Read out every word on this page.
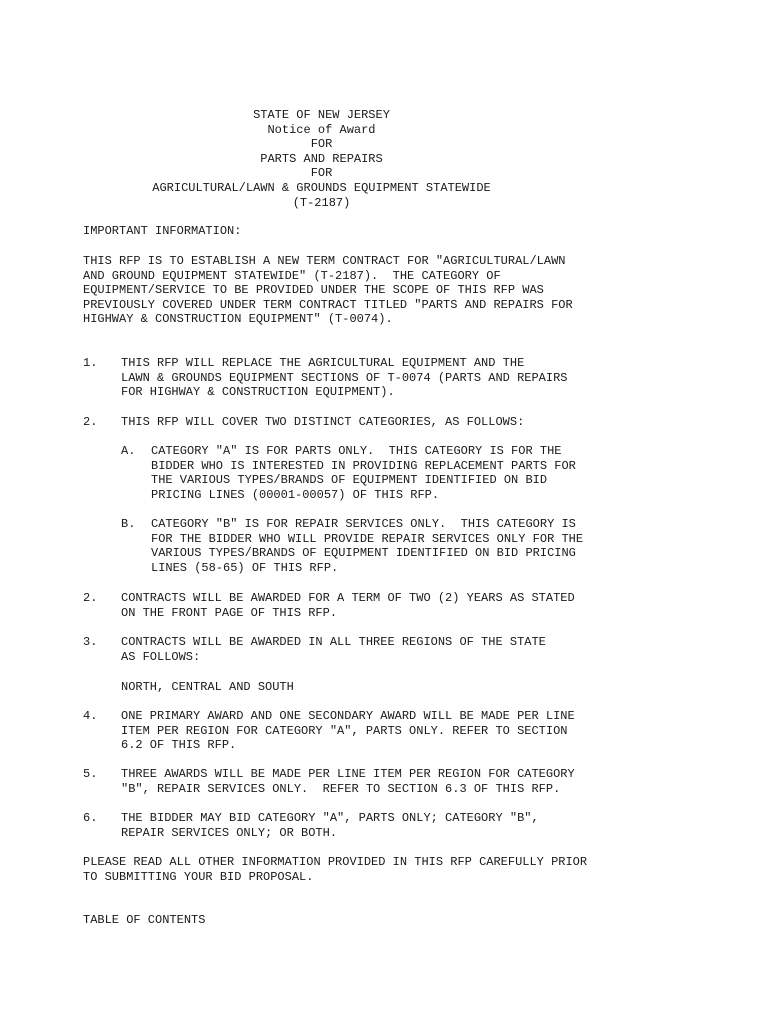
STATE OF NEW JERSEY
Notice of Award
FOR
PARTS AND REPAIRS
FOR
AGRICULTURAL/LAWN & GROUNDS EQUIPMENT STATEWIDE
(T-2187)
IMPORTANT INFORMATION:
THIS RFP IS TO ESTABLISH A NEW TERM CONTRACT FOR "AGRICULTURAL/LAWN
AND GROUND EQUIPMENT STATEWIDE" (T-2187).  THE CATEGORY OF
EQUIPMENT/SERVICE TO BE PROVIDED UNDER THE SCOPE OF THIS RFP WAS
PREVIOUSLY COVERED UNDER TERM CONTRACT TITLED "PARTS AND REPAIRS FOR
HIGHWAY & CONSTRUCTION EQUIPMENT" (T-0074).
1. THIS RFP WILL REPLACE THE AGRICULTURAL EQUIPMENT AND THE
LAWN & GROUNDS EQUIPMENT SECTIONS OF T-0074 (PARTS AND REPAIRS
FOR HIGHWAY & CONSTRUCTION EQUIPMENT).
2. THIS RFP WILL COVER TWO DISTINCT CATEGORIES, AS FOLLOWS:
A. CATEGORY "A" IS FOR PARTS ONLY.  THIS CATEGORY IS FOR THE
BIDDER WHO IS INTERESTED IN PROVIDING REPLACEMENT PARTS FOR
THE VARIOUS TYPES/BRANDS OF EQUIPMENT IDENTIFIED ON BID
PRICING LINES (00001-00057) OF THIS RFP.
B. CATEGORY "B" IS FOR REPAIR SERVICES ONLY.  THIS CATEGORY IS
FOR THE BIDDER WHO WILL PROVIDE REPAIR SERVICES ONLY FOR THE
VARIOUS TYPES/BRANDS OF EQUIPMENT IDENTIFIED ON BID PRICING
LINES (58-65) OF THIS RFP.
2. CONTRACTS WILL BE AWARDED FOR A TERM OF TWO (2) YEARS AS STATED
ON THE FRONT PAGE OF THIS RFP.
3. CONTRACTS WILL BE AWARDED IN ALL THREE REGIONS OF THE STATE
AS FOLLOWS:
NORTH, CENTRAL AND SOUTH
4. ONE PRIMARY AWARD AND ONE SECONDARY AWARD WILL BE MADE PER LINE
ITEM PER REGION FOR CATEGORY "A", PARTS ONLY. REFER TO SECTION
6.2 OF THIS RFP.
5. THREE AWARDS WILL BE MADE PER LINE ITEM PER REGION FOR CATEGORY
"B", REPAIR SERVICES ONLY.  REFER TO SECTION 6.3 OF THIS RFP.
6. THE BIDDER MAY BID CATEGORY "A", PARTS ONLY; CATEGORY "B",
REPAIR SERVICES ONLY; OR BOTH.
PLEASE READ ALL OTHER INFORMATION PROVIDED IN THIS RFP CAREFULLY PRIOR
TO SUBMITTING YOUR BID PROPOSAL.
TABLE OF CONTENTS
